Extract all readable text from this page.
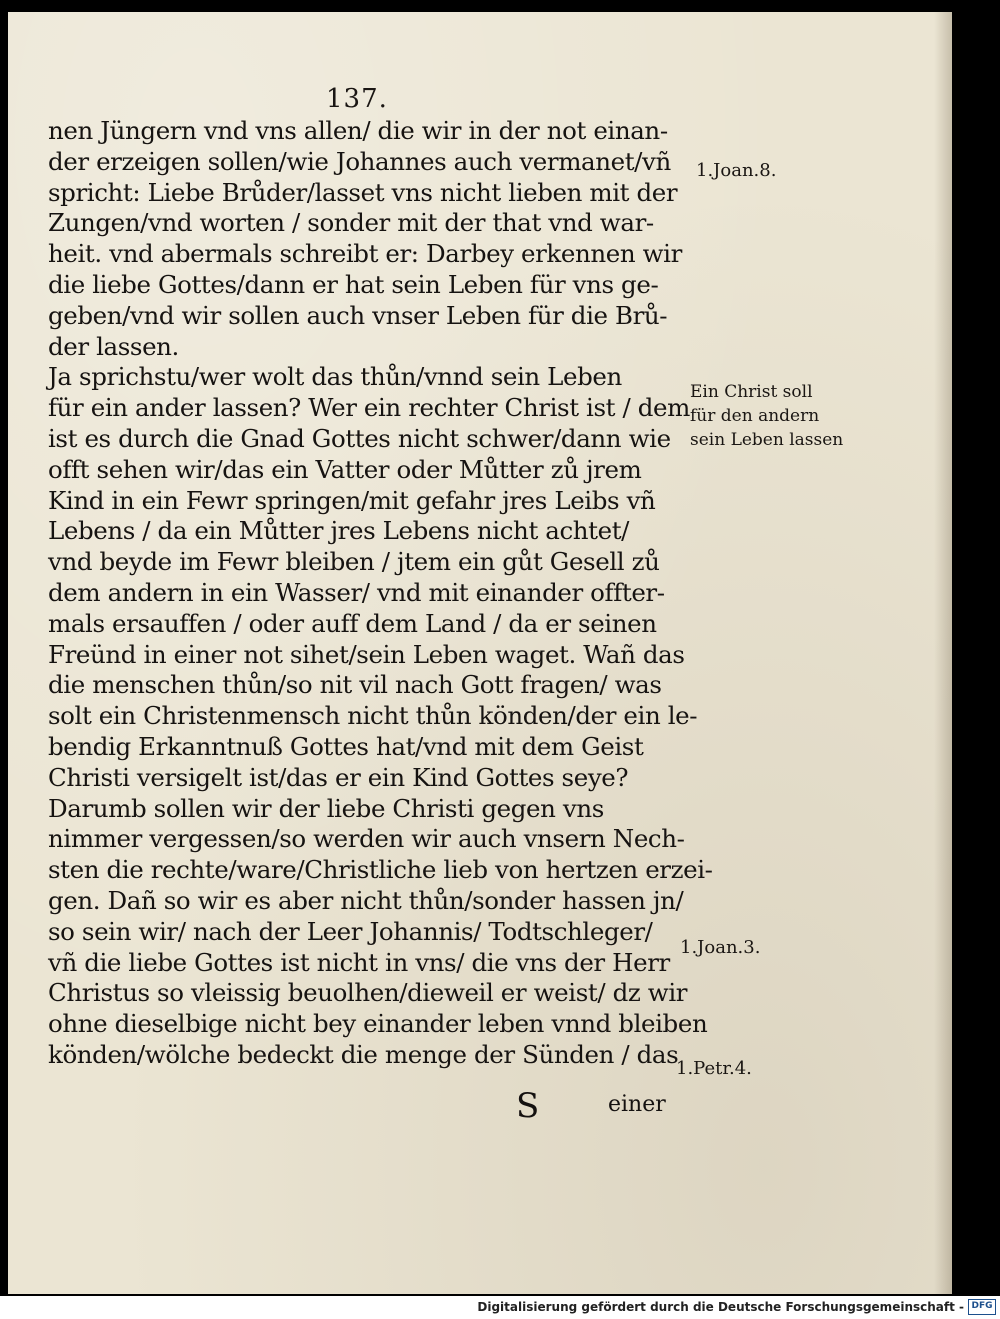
137.
nen Jüngern vnd vns allen/ die wir in der not einan-
der erzeigen sollen/wie Johannes auch vermanet/vñ
spricht: Liebe Brůder/lasset vns nicht lieben mit der
Zungen/vnd worten / sonder mit der that vnd war-
heit. vnd abermals schreibt er: Darbey erkennen wir
die liebe Gottes/dann er hat sein Leben für vns ge-
geben/vnd wir sollen auch vnser Leben für die Brů-
der lassen.
Ja sprichstu/wer wolt das thůn/vnnd sein Leben
für ein ander lassen? Wer ein rechter Christ ist / dem
ist es durch die Gnad Gottes nicht schwer/dann wie
offt sehen wir/das ein Vatter oder Můtter zů jrem
Kind in ein Fewr springen/mit gefahr jres Leibs vñ
Lebens / da ein Můtter jres Lebens nicht achtet/
vnd beyde im Fewr bleiben / jtem ein gůt Gesell zů
dem andern in ein Wasser/ vnd mit einander offter-
mals ersauffen / oder auff dem Land / da er seinen
Freünd in einer not sihet/sein Leben waget. Wañ das
die menschen thůn/so nit vil nach Gott fragen/ was
solt ein Christenmensch nicht thůn könden/der ein le-
bendig Erkanntnuß Gottes hat/vnd mit dem Geist
Christi versigelt ist/das er ein Kind Gottes seye?
Darumb sollen wir der liebe Christi gegen vns
nimmer vergessen/so werden wir auch vnsern Nech-
sten die rechte/ware/Christliche lieb von hertzen erzei-
gen. Dañ so wir es aber nicht thůn/sonder hassen jn/
so sein wir/ nach der Leer Johannis/ Todtschleger/
vñ die liebe Gottes ist nicht in vns/ die vns der Herr
Christus so vleissig beuolhen/dieweil er weist/ dz wir
ohne dieselbige nicht bey einander leben vnnd bleiben
könden/wölche bedeckt die menge der Sünden / das
1.Joan.8.
Ein Christ soll
für den andern
sein Leben lassen
1.Joan.3.
1.Petr.4.
S	einer
Digitalisierung gefördert durch die Deutsche Forschungsgemeinschaft - DFG
